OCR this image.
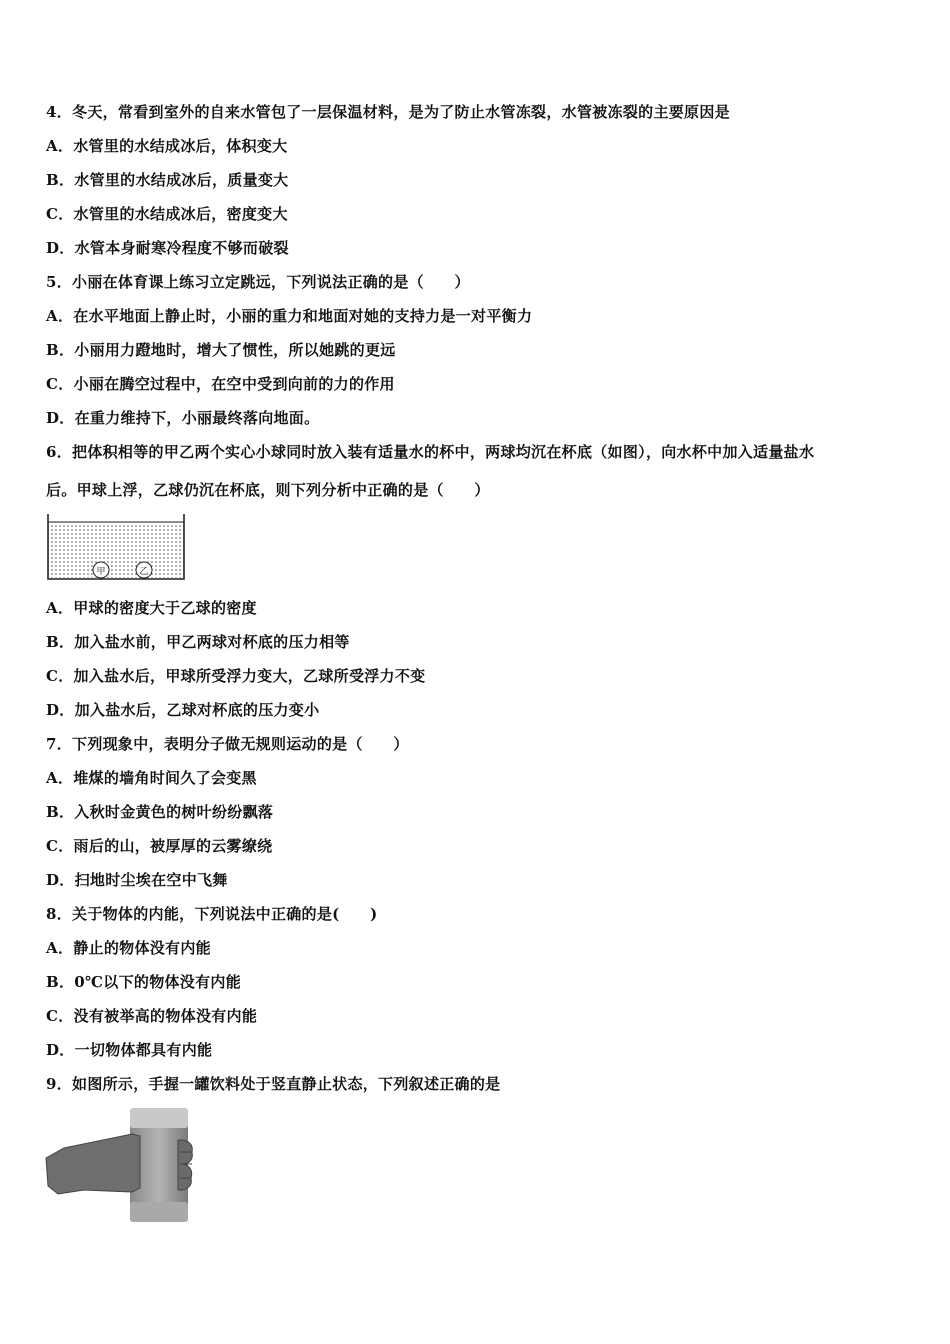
4．冬天，常看到室外的自来水管包了一层保温材料，是为了防止水管冻裂，水管被冻裂的主要原因是
A．水管里的水结成冰后，体积变大
B．水管里的水结成冰后，质量变大
C．水管里的水结成冰后，密度变大
D．水管本身耐寒冷程度不够而破裂
5．小丽在体育课上练习立定跳远，下列说法正确的是（　　）
A．在水平地面上静止时，小丽的重力和地面对她的支持力是一对平衡力
B．小丽用力蹬地时，增大了惯性，所以她跳的更远
C．小丽在腾空过程中，在空中受到向前的力的作用
D．在重力维持下，小丽最终落向地面。
6．把体积相等的甲乙两个实心小球同时放入装有适量水的杯中，两球均沉在杯底（如图），向水杯中加入适量盐水
后。甲球上浮，乙球仍沉在杯底，则下列分析中正确的是（　　）
甲	乙
A．甲球的密度大于乙球的密度
B．加入盐水前，甲乙两球对杯底的压力相等
C．加入盐水后，甲球所受浮力变大，乙球所受浮力不变
D．加入盐水后，乙球对杯底的压力变小
7．下列现象中，表明分子做无规则运动的是（　　）
A．堆煤的墙角时间久了会变黑
B．入秋时金黄色的树叶纷纷飘落
C．雨后的山，被厚厚的云雾缭绕
D．扫地时尘埃在空中飞舞
8．关于物体的内能，下列说法中正确的是(　　)
A．静止的物体没有内能
B．0℃以下的物体没有内能
C．没有被举高的物体没有内能
D．一切物体都具有内能
9．如图所示，手握一罐饮料处于竖直静止状态，下列叙述正确的是
